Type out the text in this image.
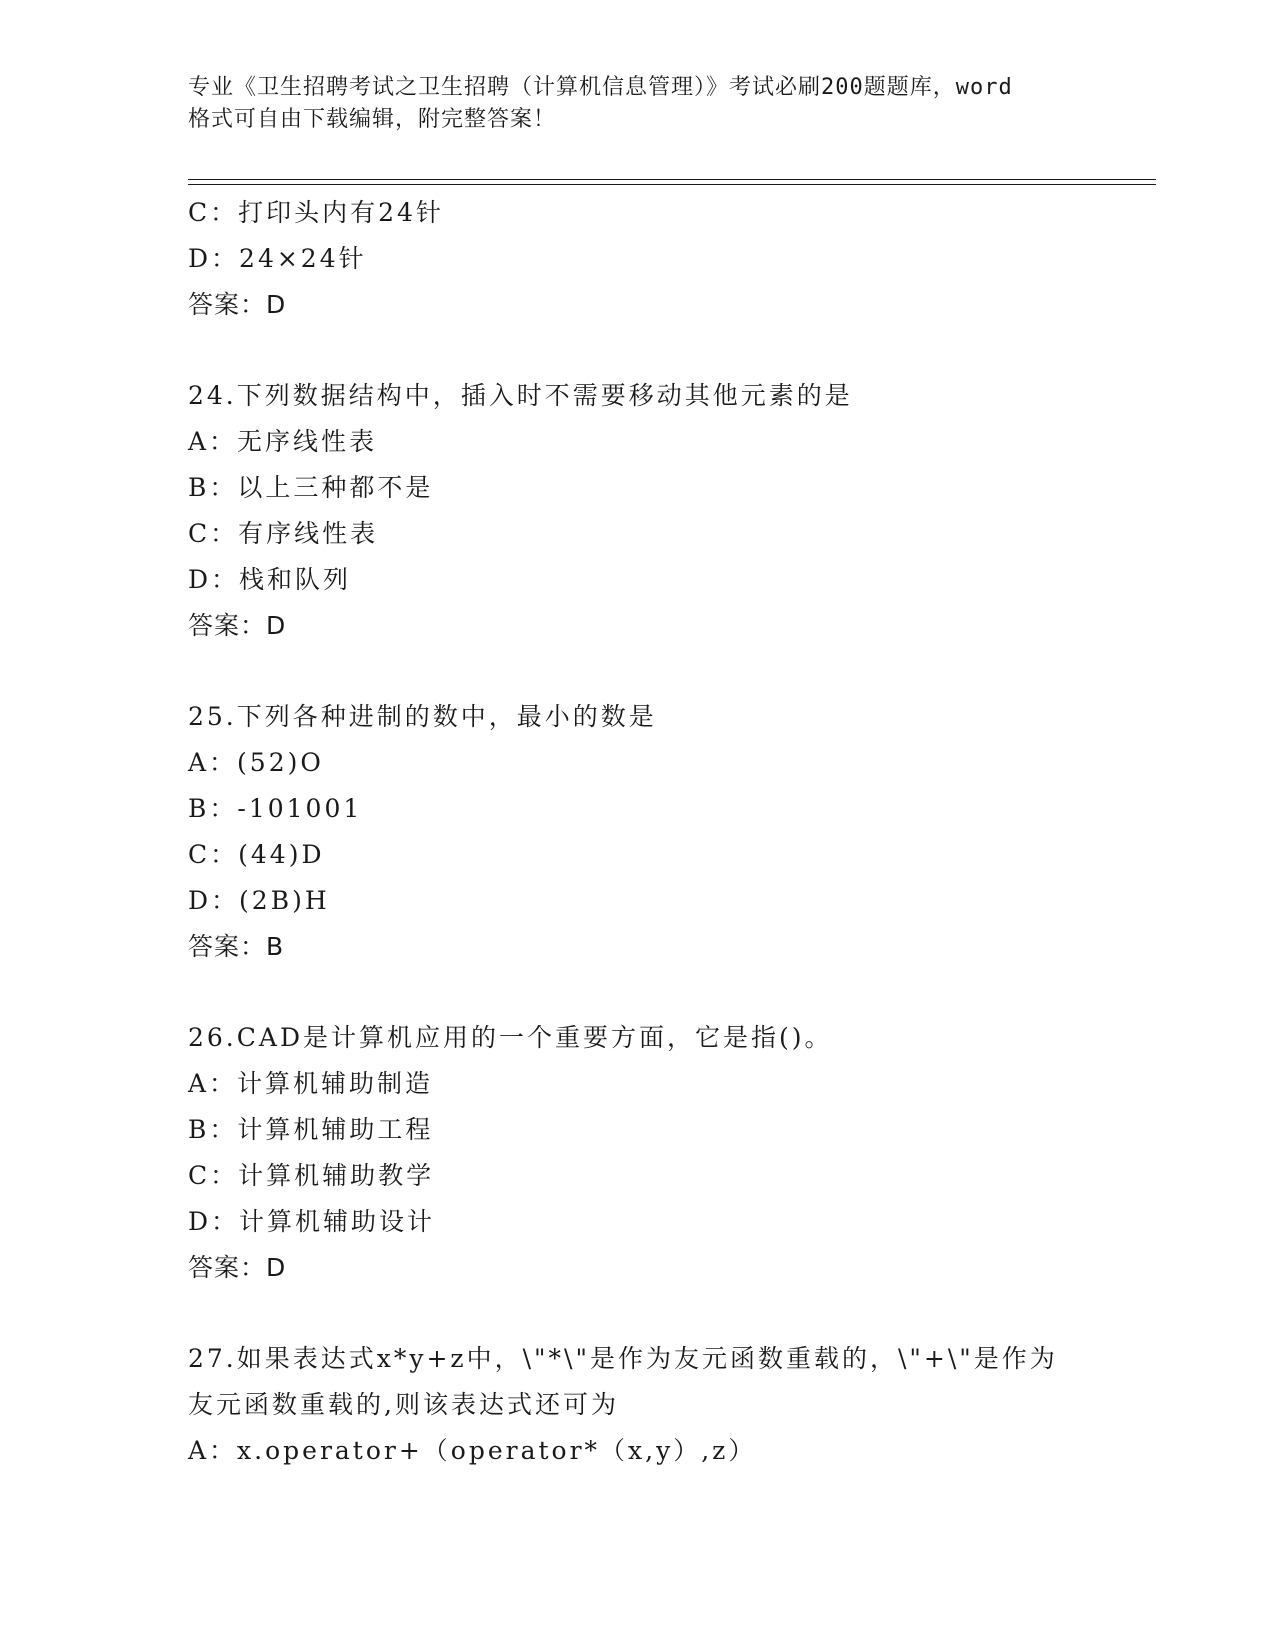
专业《卫生招聘考试之卫生招聘（计算机信息管理）》考试必刷200题题库，word
格式可自由下载编辑，附完整答案！
C：打印头内有24针
D：24×24针
答案：D
24.下列数据结构中，插入时不需要移动其他元素的是
A：无序线性表
B：以上三种都不是
C：有序线性表
D：栈和队列
答案：D
25.下列各种进制的数中，最小的数是
A：(52)O
B：-101001
C：(44)D
D：(2B)H
答案：B
26.CAD是计算机应用的一个重要方面，它是指()。
A：计算机辅助制造
B：计算机辅助工程
C：计算机辅助教学
D：计算机辅助设计
答案：D
27.如果表达式x*y+z中，\"*\"是作为友元函数重载的，\"+\"是作为
友元函数重载的,则该表达式还可为
A：x.operator+（operator*（x,y）,z）
